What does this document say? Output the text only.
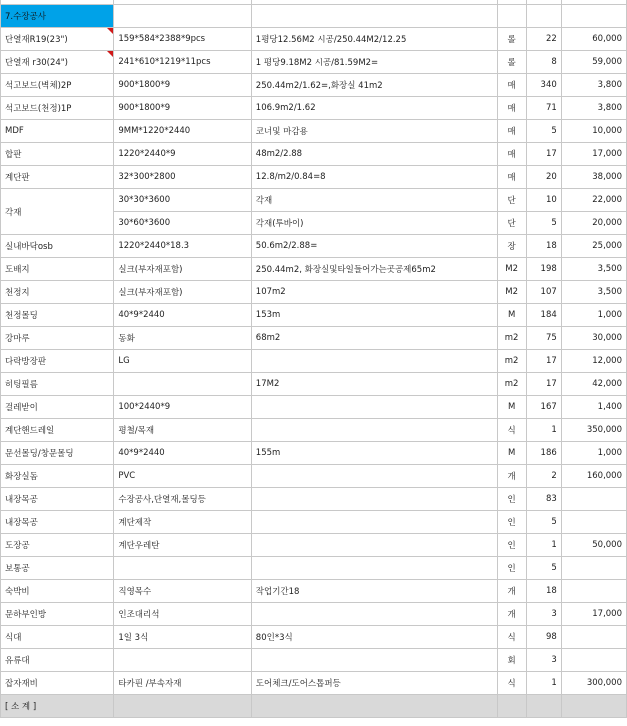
7.수장공사					
단열재R19(23")	159*584*2388*9pcs	1평당12.56M2 시공/250.44M2/12.25	롤	22	60,000
단열재 r30(24")	241*610*1219*11pcs	1 평당9.18M2 시공/81.59M2=	롤	8	59,000
석고보드(벽체)2P	900*1800*9	250.44m2/1.62=,화장실 41m2	매	340	3,800
석고보드(천정)1P	900*1800*9	106.9m2/1.62	매	71	3,800
MDF	9MM*1220*2440	코너및 마감용	매	5	10,000
합판	1220*2440*9	48m2/2.88	매	17	17,000
계단판	32*300*2800	12.8/m2/0.84=8	매	20	38,000
각재	30*30*3600	각재	단	10	22,000
	30*60*3600	각재(투바이)	단	5	20,000
실내바닥osb	1220*2440*18.3	50.6m2/2.88=	장	18	25,000
도배지	실크(부자재포함)	250.44m2, 화장실및타일들어가는곳공제65m2	M2	198	3,500
천정지	실크(부자재포함)	107m2	M2	107	3,500
천정몰딩	40*9*2440	153m	M	184	1,000
강마루	동화	68m2	m2	75	30,000
다락방장판	LG		m2	17	12,000
히팅필름		17M2	m2	17	42,000
걸레받이	100*2440*9		M	167	1,400
계단핸드레일	평철/목재		식	1	350,000
문선몰딩/창문몰딩	40*9*2440	155m	M	186	1,000
화장실돔	PVC		개	2	160,000
내장목공	수장공사,단열재,몰딩등		인	83	
내장목공	계단제작		인	5	
도장공	계단우레탄		인	1	50,000
보통공			인	5	
숙박비	직영목수	작업기간18	개	18	
문하부인방	인조대리석		개	3	17,000
식대	1일 3식	80인*3식	식	98	
유류대			회	3	
잡자재비	타카핀 /부속자재	도어체크/도어스톱퍼등	식	1	300,000
[ 소 계 ]					
